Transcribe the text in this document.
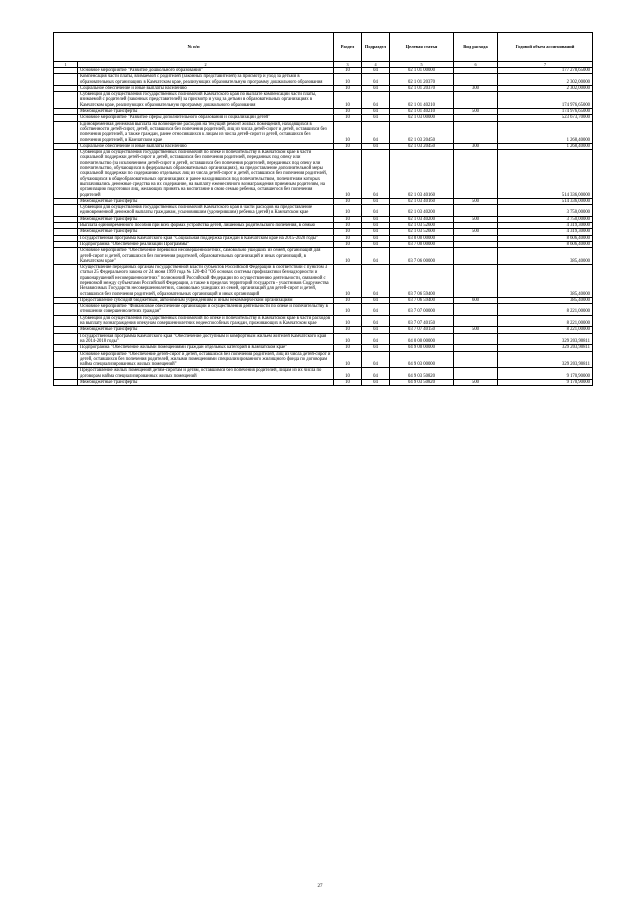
№ п/п		Раздел	Подраздел	Целевая статья	Вид расхода	Годовой объем ассигнований
1	2	3	4	5	6	7
	Основное мероприятие "Развитие дошкольного образования"	10	04	02 1 01 00000		177 278,65000
	Компенсация части платы, взимаемой с родителей (законных представителей) за присмотр и уход за детьми в образовательных организациях в Камчатском крае, реализующих образовательную программу дошкольного образования	10	04	02 1 01 20370		2 302,00000
	Социальное обеспечение и иные выплаты населению	10	04	02 1 01 20370	300	2 302,00000
	Субвенции для осуществления государственных полномочий Камчатского края по выплате компенсации части платы, взимаемой с родителей (законных представителей) за присмотр и уход за детьми в образовательных организациях в Камчатском крае, реализующих образовательную программу дошкольного образования	10	04	02 1 01 40210		174 976,65000
	Межбюджетные трансферты	10	04	02 1 01 40210	500	174 976,65000
	Основное мероприятие "Развитие сферы дополнительного образования и социализации детей"	10	04	02 1 03 00000		523 673,70000
	Единовременная денежная выплата на возмещение расходов на текущий ремонт жилых помещений, находящихся в собственности детей-сирот, детей, оставшихся без попечения родителей, лиц из числа детей-сирот и детей, оставшихся без попечения родителей, а также граждан, ранее относившихся к лицам из числа детей-сирот и детей, оставшихся без попечения родителей, в Камчатском крае	10	04	02 1 03 20450		1 268,40000
	Социальное обеспечение и иные выплаты населению	10	04	02 1 03 20450	300	1 268,40000
	Субвенции для осуществления государственных полномочий по опеке и попечительству в Камчатском крае в части социальной поддержки детей-сирот и детей, оставшихся без попечения родителей, переданных под опеку или попечительство (за исключением детей-сирот и детей, оставшихся без попечения родителей, переданных под опеку или попечительство, обучающихся в федеральных образовательных организациях), на предоставление дополнительной меры социальной поддержки по содержанию отдельных лиц из числа детей-сирот и детей, оставшихся без попечения родителей, обучающихся в общеобразовательных организациях и ранее находившихся под попечительством, попечителям которых выплачивались денежные средства на их содержание, на выплату ежемесячного вознаграждения приемным родителям, на организацию подготовки лиц, желающих принять на воспитание в свою семью ребенка, оставшегося без попечения родителей	10	04	02 1 03 40160		514 336,00000
	Межбюджетные трансферты	10	04	02 1 03 40160	500	514 336,00000
	Субвенции для осуществления государственных полномочий Камчатского края в части расходов на предоставление единовременной денежной выплаты гражданам, усыновившим (удочерившим) ребенка (детей) в Камчатском крае	10	04	02 1 03 40200		3 750,00000
	Межбюджетные трансферты	10	04	02 1 03 40200	500	3 750,00000
	Выплата единовременного пособия при всех формах устройства детей, лишенных родительского попечения, в семью	10	04	02 1 03 52600		4 319,30000
	Межбюджетные трансферты	10	04	02 1 03 52600	500	4 319,30000
	Государственная программа Камчатского края "Социальная поддержка граждан в Камчатском крае на 2015-2020 годы"	10	04	03 0 00 00000		8 606,40000
	Подпрограмма "Обеспечение реализации Программы"	10	04	03 7 00 00000		8 606,40000
	Основное мероприятие "Обеспечение перевозки несовершеннолетних, самовольно ушедших из семей, организаций для детей-сирот и детей, оставшихся без попечения родителей, образовательных организаций и иных организаций, в Камчатском крае"	10	04	03 7 06 00000		385,40000
	Осуществление переданных органам государственной власти субъектов Российской Федерации в соответствии с пунктом 3 статьи 25 Федерального закона от 24 июня 1999 года № 120-ФЗ "Об основах системы профилактики безнадзорности и правонарушений несовершеннолетних" полномочий Российской Федерации по осуществлению деятельности, связанной с перевозкой между субъектами Российской Федерации, а также в пределах территорий государств - участников Содружества Независимых Государств несовершеннолетних, самовольно ушедших из семей, организаций для детей-сирот и детей, оставшихся без попечения родителей, образовательных организаций и иных организаций	10	04	03 7 06 59400		385,40000
	Предоставление субсидий бюджетным, автономным учреждениям и иным некоммерческим организациям	10	04	03 7 06 59400	600	385,40000
	Основное мероприятие "Финансовое обеспечение организации и осуществления деятельности по опеке и попечительству в отношении совершеннолетних граждан"	10	04	03 7 07 00000		8 221,00000
	Субвенции для осуществления государственных полномочий по опеке и попечительству в Камчатском крае в части расходов на выплату вознаграждения опекунам совершеннолетних недееспособных граждан, проживающих в Камчатском крае	10	04	03 7 07 40150		8 221,00000
	Межбюджетные трансферты	10	04	03 7 07 40150	500	8 221,00000
	Государственная программа Камчатского края "Обеспечение доступным и комфортным жильем жителей Камчатского края на 2014-2018 годы"	10	04	04 0 00 00000		329 203,90811
	Подпрограмма "Обеспечение жилыми помещениями граждан отдельных категорий в Камчатском крае"	10	04	04 9 00 00000		329 203,90811
	Основное мероприятие "Обеспечение детей-сирот и детей, оставшихся без попечения родителей, лиц из числа детей-сирот и детей, оставшихся без попечения родителей, жилыми помещениями специализированного жилищного фонда по договорам найма специализированных жилых помещений"	10	04	04 9 03 00000		329 203,90811
	Предоставление жилых помещений детям-сиротам и детям, оставшимся без попечения родителей, лицам из их числа по договорам найма специализированных жилых помещений	10	04	04 9 03 50820		9 170,90000
	Межбюджетные трансферты	10	04	04 9 03 50820	500	9 170,90000
27
